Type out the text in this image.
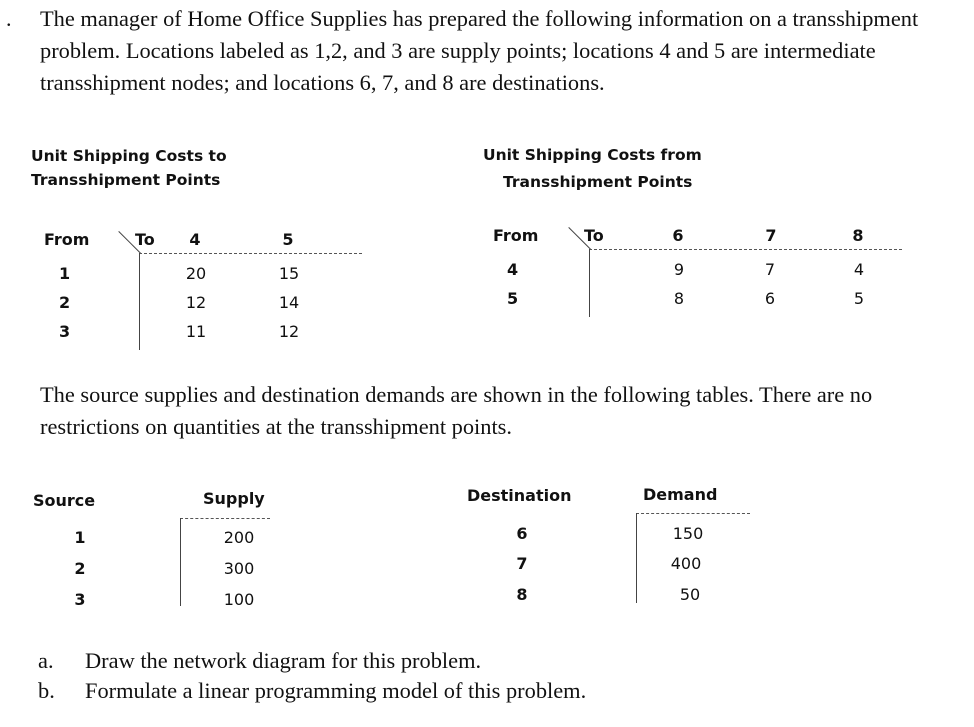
. The manager of Home Office Supplies has prepared the following information on a transshipment problem. Locations labeled as 1,2, and 3 are supply points; locations 4 and 5 are intermediate transshipment nodes; and locations 6, 7, and 8 are destinations.
Unit Shipping Costs to
Transshipment Points
From	To 4	5
1	20	15
2	12	14
3	11	12
Unit Shipping Costs from
Transshipment Points
From	To	6	7	8
4	9	7	4
5	8	6	5
The source supplies and destination demands are shown in the following tables. There are no restrictions on quantities at the transshipment points.
Source	Supply
1	200
2	300
3	100
Destination	Demand
6	150
7	400
8	50
a. Draw the network diagram for this problem.
b. Formulate a linear programming model of this problem.
